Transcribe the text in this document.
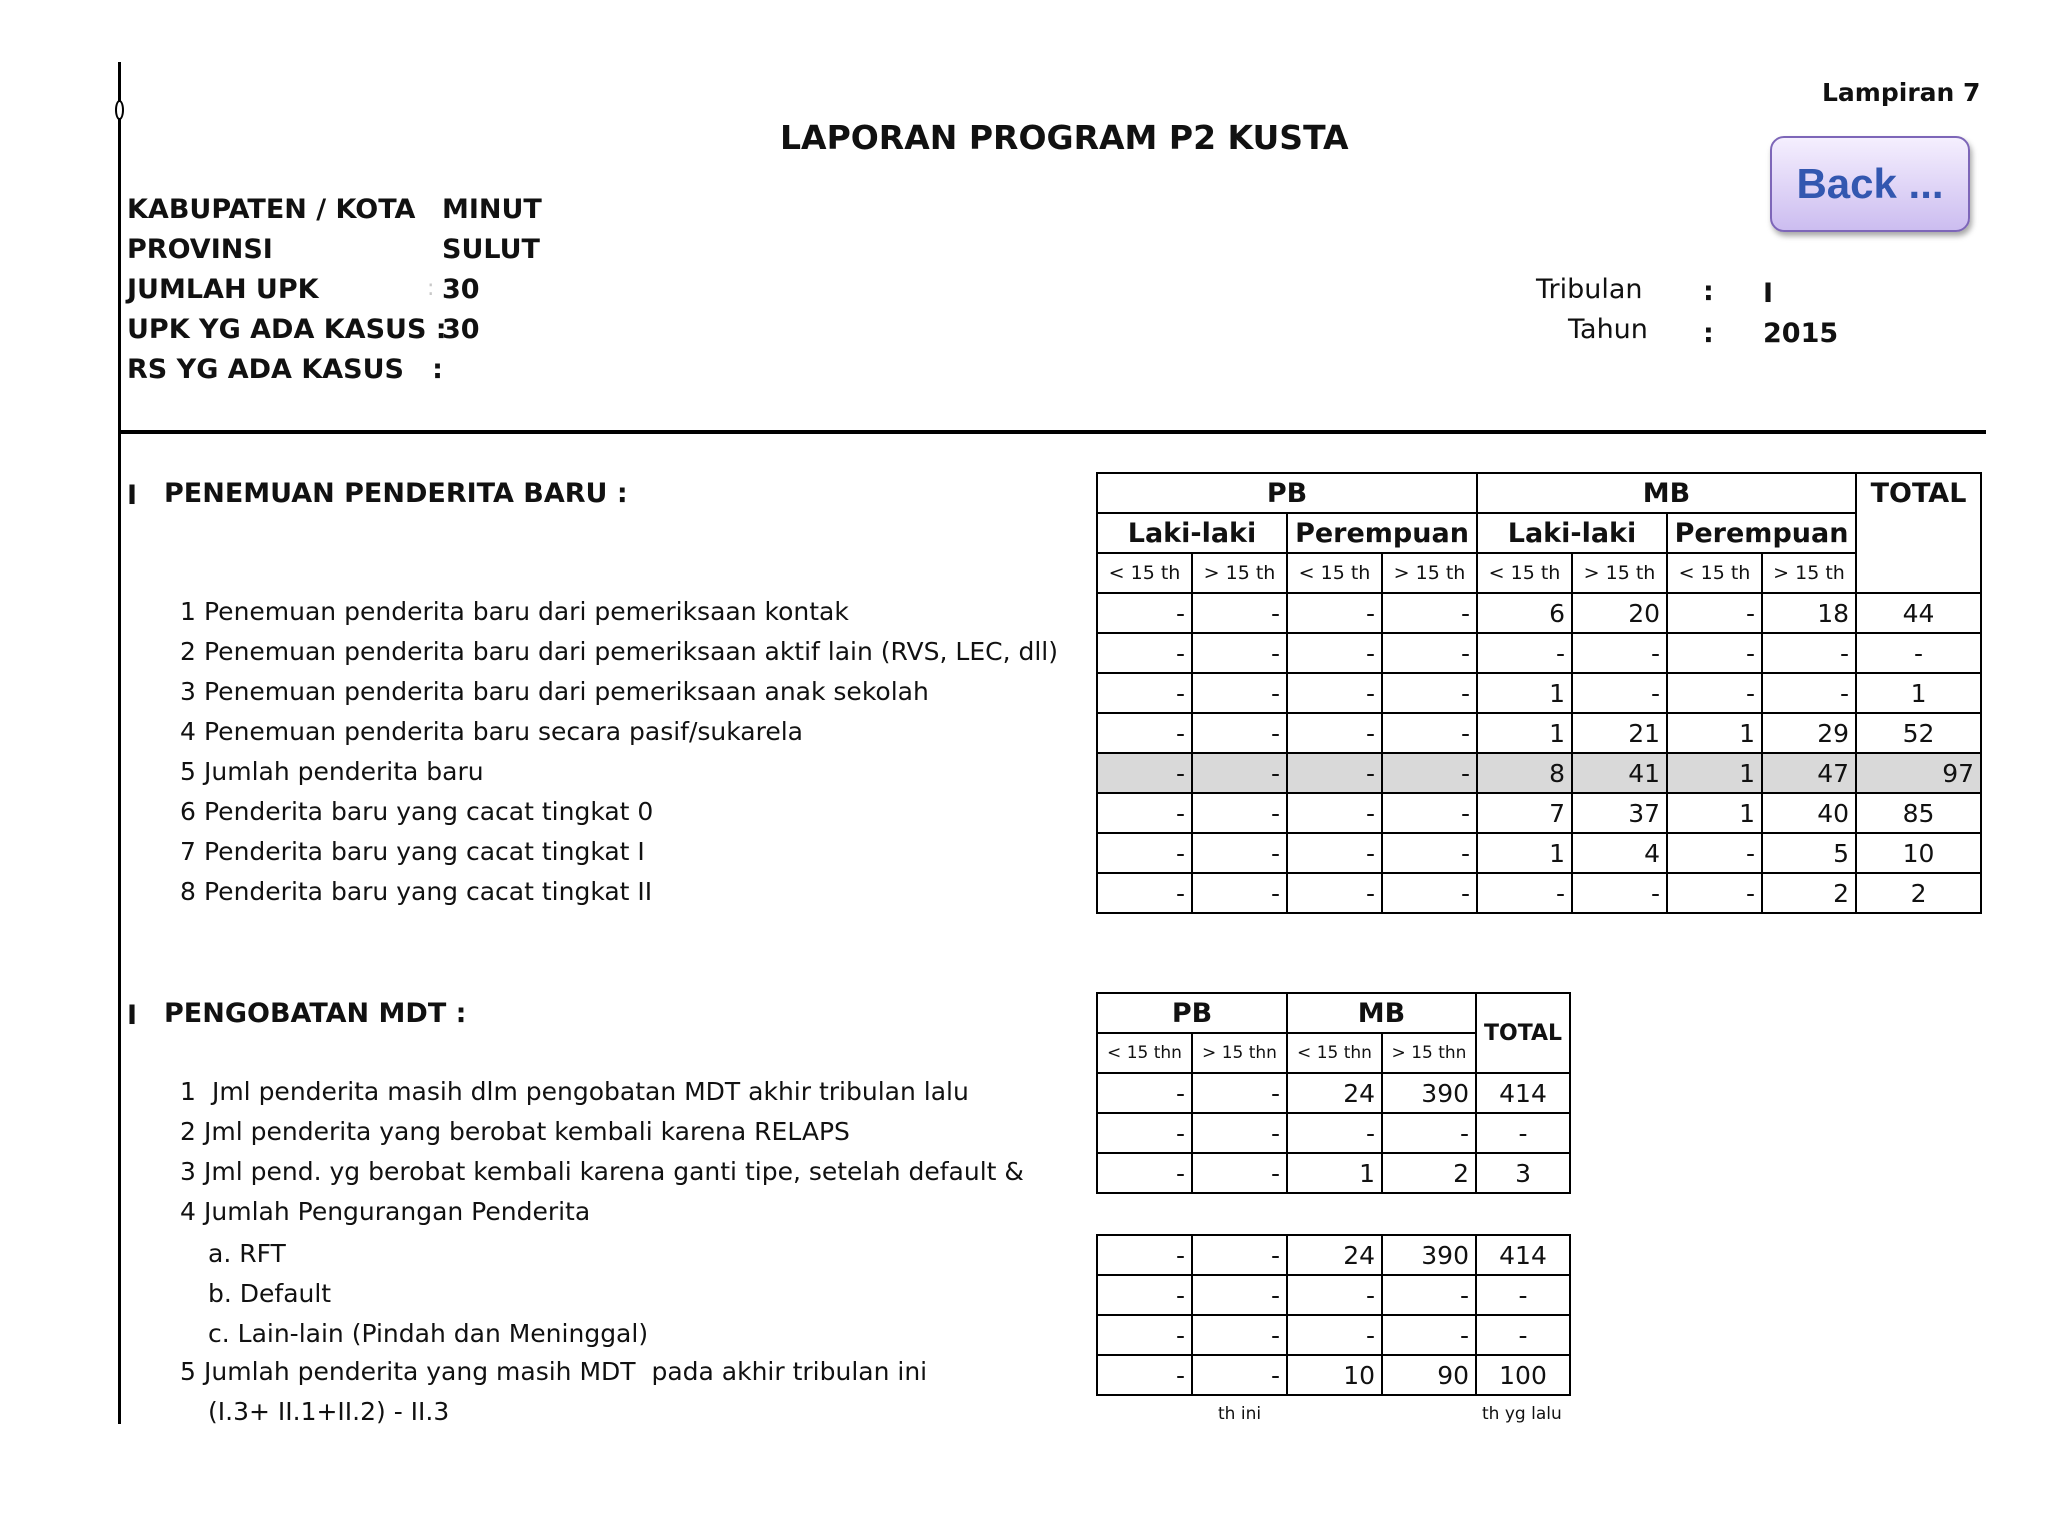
LAPORAN PROGRAM P2 KUSTA
Lampiran 7
Back ...
KABUPATEN / KOTA MINUT
PROVINSI	SULUT
JUMLAH UPK	: 30
UPK YG ADA KASUS :
30
RS YG ADA KASUS   :
Tribulan : I
Tahun : 2015
I PENEMUAN PENDERITA BARU :
1 Penemuan penderita baru dari pemeriksaan kontak
2 Penemuan penderita baru dari pemeriksaan aktif lain (RVS, LEC, dll)
3 Penemuan penderita baru dari pemeriksaan anak sekolah
4 Penemuan penderita baru secara pasif/sukarela
5 Jumlah penderita baru
6 Penderita baru yang cacat tingkat 0
7 Penderita baru yang cacat tingkat I
8 Penderita baru yang cacat tingkat II
PB				MB				TOTAL
Laki-laki		Perempuan		Laki-laki		Perempuan		
< 15 th	> 15 th	< 15 th	> 15 th	< 15 th	> 15 th	< 15 th	> 15 th	
-	-	-	-	6	20	-	18	44
-	-	-	-	-	-	-	-	-
-	-	-	-	1	-	-	-	1
-	-	-	-	1	21	1	29	52
-	-	-	-	8	41	1	47	97
-	-	-	-	7	37	1	40	85
-	-	-	-	1	4	-	5	10
-	-	-	-	-	-	-	2	2
I PENGOBATAN MDT :
1 Jml penderita masih dlm pengobatan MDT akhir tribulan lalu
2 Jml penderita yang berobat kembali karena RELAPS
3 Jml pend. yg berobat kembali karena ganti tipe, setelah default &
4 Jumlah Pengurangan Penderita
a. RFT
b. Default
c. Lain-lain (Pindah dan Meninggal)
5 Jumlah penderita yang masih MDT  pada akhir tribulan ini
(I.3+ II.1+II.2) - II.3
PB		MB		TOTAL
< 15 thn	> 15 thn	< 15 thn	> 15 thn	
-	-	24	390	414
-	-	-	-	-
-	-	1	2	3
-	-	24	390	414
-	-	-	-	-
-	-	-	-	-
-	-	10	90	100
th ini	th yg lalu
